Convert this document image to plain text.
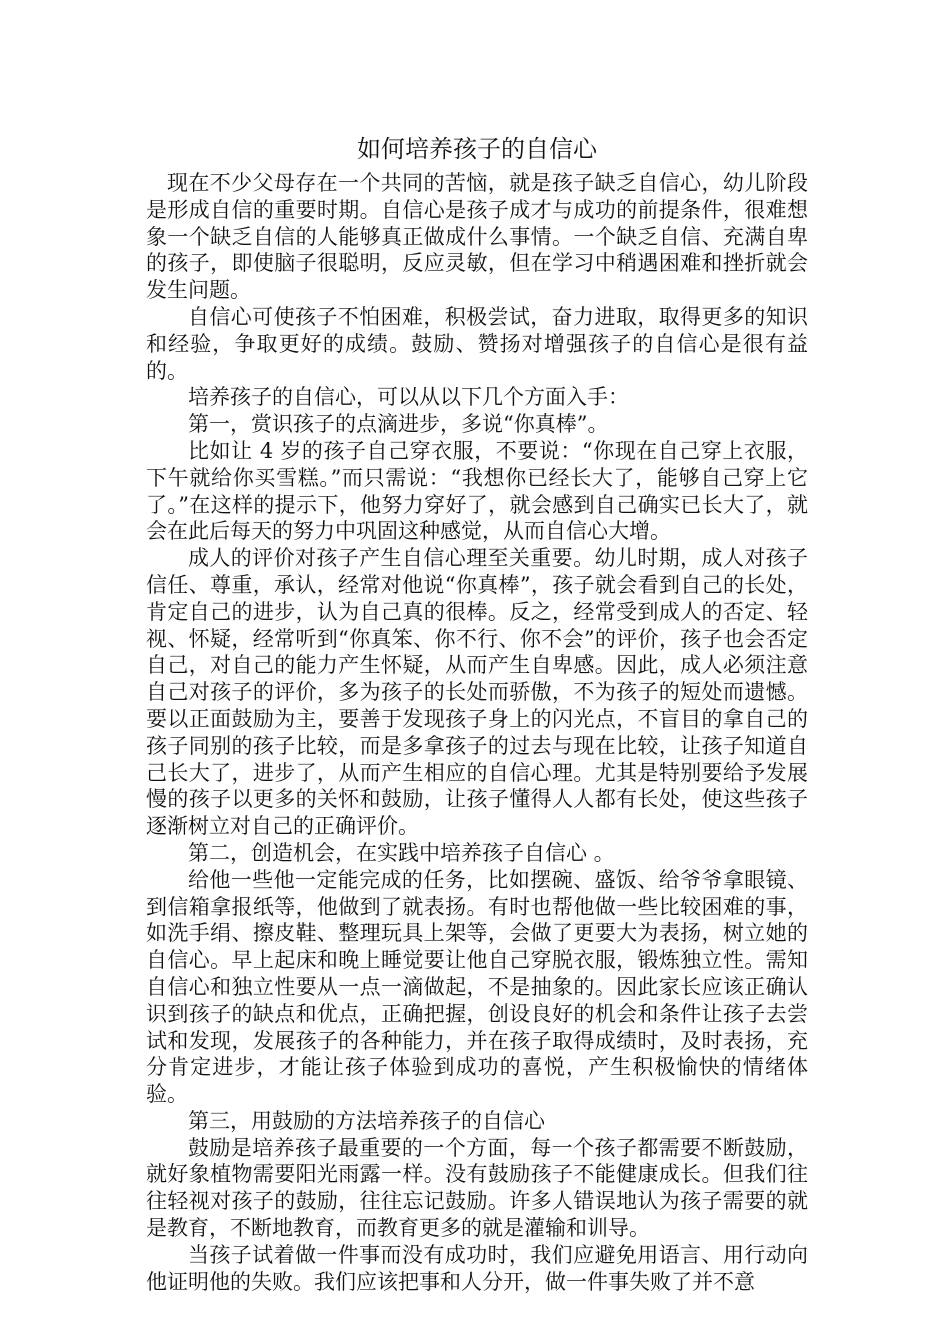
如何培养孩子的自信心

现在不少父母存在一个共同的苦恼，就是孩子缺乏自信心，幼儿阶段是形成自信的重要时期。自信心是孩子成才与成功的前提条件，很难想象一个缺乏自信的人能够真正做成什么事情。一个缺乏自信、充满自卑的孩子，即使脑子很聪明，反应灵敏，但在学习中稍遇困难和挫折就会发生问题。

自信心可使孩子不怕困难，积极尝试，奋力进取，取得更多的知识和经验，争取更好的成绩。鼓励、赞扬对增强孩子的自信心是很有益的。

培养孩子的自信心，可以从以下几个方面入手：

第一，赏识孩子的点滴进步，多说“你真棒”。

比如让 4 岁的孩子自己穿衣服，不要说：“你现在自己穿上衣服，下午就给你买雪糕。”而只需说：“我想你已经长大了，能够自己穿上它了。”在这样的提示下，他努力穿好了，就会感到自己确实已长大了，就会在此后每天的努力中巩固这种感觉，从而自信心大增。

成人的评价对孩子产生自信心理至关重要。幼儿时期，成人对孩子信任、尊重，承认，经常对他说“你真棒”，孩子就会看到自己的长处，肯定自己的进步，认为自己真的很棒。反之，经常受到成人的否定、轻视、怀疑，经常听到“你真笨、你不行、你不会”的评价，孩子也会否定自己，对自己的能力产生怀疑，从而产生自卑感。因此，成人必须注意自己对孩子的评价，多为孩子的长处而骄傲，不为孩子的短处而遗憾。要以正面鼓励为主，要善于发现孩子身上的闪光点，不盲目的拿自己的孩子同别的孩子比较，而是多拿孩子的过去与现在比较，让孩子知道自己长大了，进步了，从而产生相应的自信心理。尤其是特别要给予发展慢的孩子以更多的关怀和鼓励，让孩子懂得人人都有长处，使这些孩子逐渐树立对自己的正确评价。

第二，创造机会，在实践中培养孩子自信心 。

给他一些他一定能完成的任务，比如摆碗、盛饭、给爷爷拿眼镜、到信箱拿报纸等，他做到了就表扬。有时也帮他做一些比较困难的事，如洗手绢、擦皮鞋、整理玩具上架等，会做了更要大为表扬，树立她的自信心。早上起床和晚上睡觉要让他自己穿脱衣服，锻炼独立性。需知自信心和独立性要从一点一滴做起，不是抽象的。因此家长应该正确认识到孩子的缺点和优点，正确把握，创设良好的机会和条件让孩子去尝试和发现，发展孩子的各种能力，并在孩子取得成绩时，及时表扬，充分肯定进步，才能让孩子体验到成功的喜悦，产生积极愉快的情绪体验。

第三，用鼓励的方法培养孩子的自信心

鼓励是培养孩子最重要的一个方面，每一个孩子都需要不断鼓励，就好象植物需要阳光雨露一样。没有鼓励孩子不能健康成长。但我们往往轻视对孩子的鼓励，往往忘记鼓励。许多人错误地认为孩子需要的就是教育，不断地教育，而教育更多的就是灌输和训导。

当孩子试着做一件事而没有成功时，我们应避免用语言、用行动向他证明他的失败。我们应该把事和人分开，做一件事失败了并不意
